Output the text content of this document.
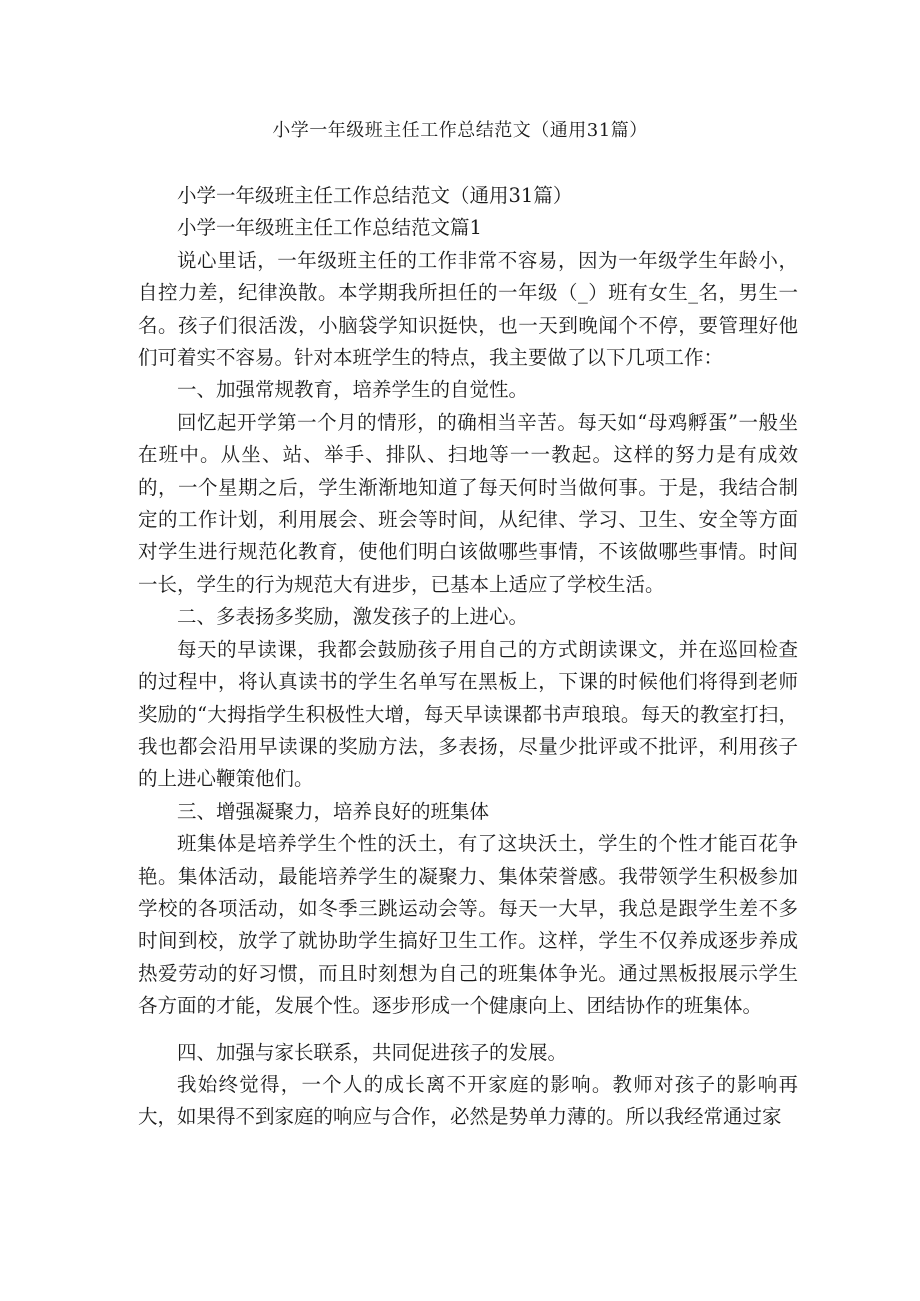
小学一年级班主任工作总结范文（通用31篇）

小学一年级班主任工作总结范文（通用31篇）

小学一年级班主任工作总结范文篇1

说心里话，一年级班主任的工作非常不容易，因为一年级学生年龄小，自控力差，纪律涣散。本学期我所担任的一年级（_）班有女生_名，男生一名。孩子们很活泼，小脑袋学知识挺快，也一天到晚闻个不停，要管理好他们可着实不容易。针对本班学生的特点，我主要做了以下几项工作：

一、加强常规教育，培养学生的自觉性。

回忆起开学第一个月的情形，的确相当辛苦。每天如“母鸡孵蛋”一般坐在班中。从坐、站、举手、排队、扫地等一一教起。这样的努力是有成效的，一个星期之后，学生渐渐地知道了每天何时当做何事。于是，我结合制定的工作计划，利用展会、班会等时间，从纪律、学习、卫生、安全等方面对学生进行规范化教育，使他们明白该做哪些事情，不该做哪些事情。时间一长，学生的行为规范大有进步，已基本上适应了学校生活。

二、多表扬多奖励，激发孩子的上进心。

每天的早读课，我都会鼓励孩子用自己的方式朗读课文，并在巡回检查的过程中，将认真读书的学生名单写在黑板上，下课的时候他们将得到老师奖励的“大拇指学生积极性大增，每天早读课都书声琅琅。每天的教室打扫，我也都会沿用早读课的奖励方法，多表扬，尽量少批评或不批评，利用孩子的上进心鞭策他们。

三、增强凝聚力，培养良好的班集体

班集体是培养学生个性的沃土，有了这块沃土，学生的个性才能百花争艳。集体活动，最能培养学生的凝聚力、集体荣誉感。我带领学生积极参加学校的各项活动，如冬季三跳运动会等。每天一大早，我总是跟学生差不多时间到校，放学了就协助学生搞好卫生工作。这样，学生不仅养成逐步养成热爱劳动的好习惯，而且时刻想为自己的班集体争光。通过黑板报展示学生各方面的才能，发展个性。逐步形成一个健康向上、团结协作的班集体。

四、加强与家长联系，共同促进孩子的发展。

我始终觉得，一个人的成长离不开家庭的影响。教师对孩子的影响再大，如果得不到家庭的响应与合作，必然是势单力薄的。所以我经常通过家
